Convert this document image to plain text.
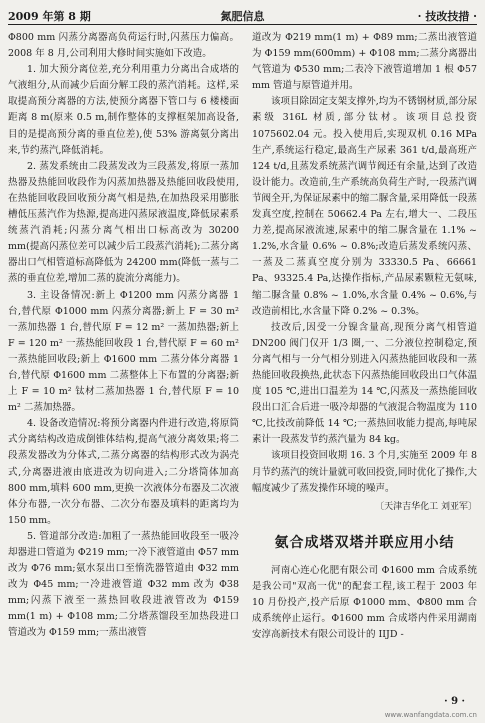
2009 年第 8 期	氮肥信息	· 技改技措 ·

Φ800 mm 闪蒸分离器高负荷运行时,闪蒸压力偏高。2008 年 8 月,公司利用大修时间实施如下改造。

1. 加大预分离位差,充分利用重力分离出合成塔的气液组分,从而减少后面分解工段的蒸汽消耗。这样,采取提高预分离器的方法,使预分离器下管口与 6 楼楼面距离 8 m(原来 0.5 m,制作整体的支撑框架加高设备,目的是提高预分离的垂直位差),使 53% 游离氨分离出来,节约蒸汽,降低消耗。

2. 蒸发系统由二段蒸发改为三段蒸发,将原一蒸加热器及热能回收段作为闪蒸加热器及热能回收段使用,在热能回收段回收预分离气相是热,在加热段采用膨胀槽低压蒸汽作为热源,提高进闪蒸尿液温度,降低尿素系统蒸汽消耗;闪蒸分离气相出口标高改为 30200 mm(提高闪蒸位差可以减少后工段蒸汽消耗);二蒸分离器出口气相管道标高降低为 24200 mm(降低一蒸与二蒸的垂直位差,增加二蒸的旋流分离能力)。

3. 主设备情况:新上 Φ1200 mm 闪蒸分离器 1 台,替代原 Φ1000 mm 闪蒸分离器;新上 F = 30 m² 一蒸加热器 1 台,替代原 F = 12 m² 一蒸加热器;新上 F = 120 m² 一蒸热能回收段 1 台,替代原 F = 60 m² 一蒸热能回收段;新上 Φ1600 mm 二蒸分体分离器 1 台,替代原 Φ1600 mm 二蒸整体上下布置的分离器;新上 F = 10 m² 钛材二蒸加热器 1 台,替代原 F = 10 m² 二蒸加热器。

4. 设备改造情况:将预分离器内件进行改造,将原筒式分离结构改造成倒锥体结构,提高气液分离效果;将二段蒸发器改为分体式,二蒸分离器的结构形式改为涡壳式,分离器进液由底进改为切向进入;二分塔筒体加高 800 mm,填料 600 mm,更换一次液体分布器及二次液体分布器,一次分布器、二次分布器及填料的距离均为 150 mm。

5. 管道部分改造:加粗了一蒸热能回收段至一吸冷却器进口管道为 Φ219 mm;一冷下液管道由 Φ57 mm 改为 Φ76 mm;氨水泵出口至惰洗器管道由 Φ32 mm 改为 Φ45 mm;一冷进液管道 Φ32 mm 改为 Φ38 mm;闪蒸下液至一蒸热回收段进液管改为 Φ159 mm(1 m) + Φ108 mm;二分塔蒸馏段至加热段进口管道改为 Φ159 mm;一蒸出液管

道改为 Φ219 mm(1 m) + Φ89 mm;二蒸出液管道为 Φ159 mm(600mm) + Φ108 mm;二蒸分离器出气管道为 Φ530 mm;二表冷下液管道增加 1 根 Φ57 mm 管道与原管道并用。

该项目除固定支架支撑外,均为不锈钢材质,部分尿素级 316L 材质,部分钛材。该项目总投资 1075602.04 元。投入使用后,实现双机 0.16 MPa 生产,系统运行稳定,最高生产尿素 361 t/d,最高班产 124 t/d,且蒸发系统蒸汽调节阀还有余量,达到了改造设计能力。改造前,生产系统高负荷生产时,一段蒸汽调节阀全开,为保证尿素中的缩二脲含量,采用降低一段蒸发真空度,控制在 50662.4 Pa 左右,增大一、二段压力差,提高尿液流速,尿素中的缩二脲含量在 1.1% ~ 1.2%,水含量 0.6% ~ 0.8%;改造后蒸发系统闪蒸、一蒸及二蒸真空度分别为 33330.5 Pa、66661 Pa、93325.4 Pa,达操作指标,产品尿素颗粒无氨味,缩二脲含量 0.8% ~ 1.0%,水含量 0.4% ~ 0.6%,与改造前相比,水含量下降 0.2% ~ 0.3%。

技改后,因受一分镍含量高,现预分离气相管道 DN200 阀门仅开 1/3 圈,一、二分液位控制稳定,预分离气相与一分气相分别进入闪蒸热能回收段和一蒸热能回收段换热,此状态下闪蒸热能回收段出口气体温度 105 ℃,进出口温差为 14 ℃,闪蒸及一蒸热能回收段出口汇合后进一吸冷却器的气液混合物温度为 110 ℃,比技改前降低 14 ℃;一蒸热回收能力提高,每吨尿素计一段蒸发节约蒸汽量为 84 kg。

该项目投资回收期 16. 3 个月,实施至 2009 年 8 月节约蒸汽的统计量就可收回投资,同时优化了操作,大幅度减少了蒸发操作环境的噪声。

〔天津吉华化工 刘亚军〕
氨合成塔双塔并联应用小结

河南心连心化肥有限公司 Φ1600 mm 合成系统是我公司"双高一优"的配套工程,该工程于 2003 年 10 月份投产,投产后原 Φ1000 mm、Φ800 mm 合成系统停止运行。Φ1600 mm 合成塔内件采用湖南安淳高新技术有限公司设计的 IIJD -

· 9 ·
www.wanfangdata.com.cn
